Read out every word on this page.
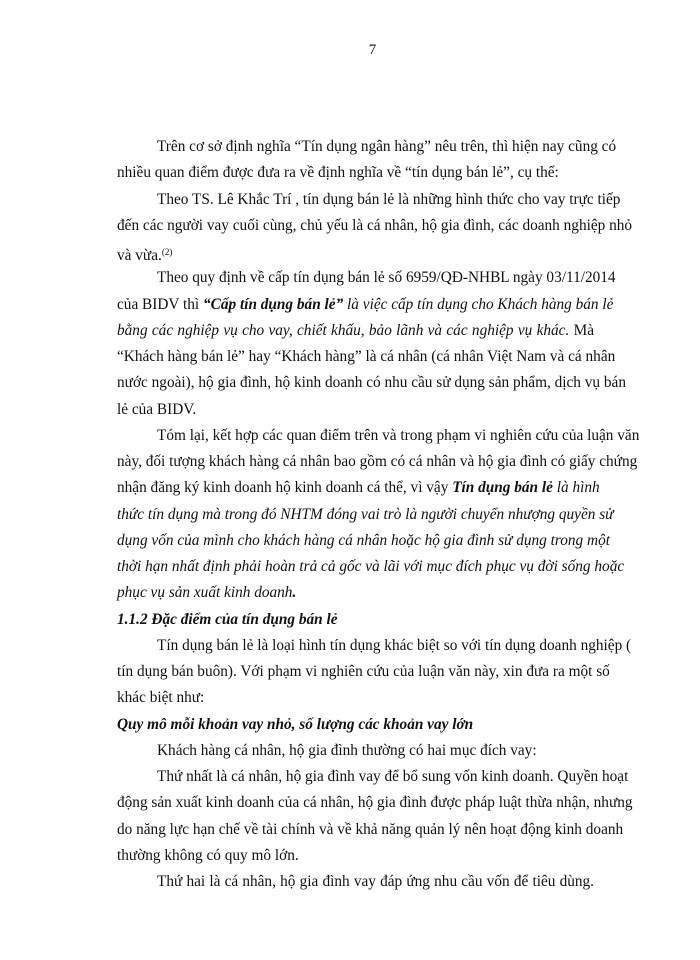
7
Trên cơ sở định nghĩa “Tín dụng ngân hàng” nêu trên, thì hiện nay cũng có
nhiều quan điểm được đưa ra về định nghĩa về “tín dụng bán lẻ”, cụ thể:
Theo TS. Lê Khắc Trí , tín dụng bán lẻ là những hình thức cho vay trực tiếp
đến các người vay cuối cùng, chủ yếu là cá nhân, hộ gia đình, các doanh nghiệp nhỏ
và vừa.$^{(2)}$
Theo quy định về cấp tín dụng bán lẻ số 6959/QĐ-NHBL ngày 03/11/2014
của BIDV thì “Cấp tín dụng bán lẻ” là việc cấp tín dụng cho Khách hàng bán lẻ
bằng các nghiệp vụ cho vay, chiết khấu, bảo lãnh và các nghiệp vụ khác. Mà
“Khách hàng bán lẻ” hay “Khách hàng” là cá nhân (cá nhân Việt Nam và cá nhân
nước ngoài), hộ gia đình, hộ kinh doanh có nhu cầu sử dụng sản phẩm, dịch vụ bán
lẻ của BIDV.
Tóm lại, kết hợp các quan điểm trên và trong phạm vi nghiên cứu của luận văn
này, đối tượng khách hàng cá nhân bao gồm có cá nhân và hộ gia đình có giấy chứng
nhận đăng ký kinh doanh hộ kinh doanh cá thể, vì vậy Tín dụng bán lẻ là hình
thức tín dụng mà trong đó NHTM đóng vai trò là người chuyển nhượng quyền sử
dụng vốn của mình cho khách hàng cá nhân hoặc hộ gia đình sử dụng trong một
thời hạn nhất định phải hoàn trả cả gốc và lãi với mục đích phục vụ đời sống hoặc
phục vụ sản xuất kinh doanh.
1.1.2 Đặc điểm của tín dụng bán lẻ
Tín dụng bán lẻ là loại hình tín dụng khác biệt so với tín dụng doanh nghiệp (
tín dụng bán buôn). Với phạm vi nghiên cứu của luận văn này, xin đưa ra một số
khác biệt như:
Quy mô mỗi khoản vay nhỏ, số lượng các khoản vay lớn
Khách hàng cá nhân, hộ gia đình thường có hai mục đích vay:
Thứ nhất là cá nhân, hộ gia đình vay để bổ sung vốn kinh doanh. Quyền hoạt
động sản xuất kinh doanh của cá nhân, hộ gia đình được pháp luật thừa nhận, nhưng
do năng lực hạn chế về tài chính và về khả năng quản lý nên hoạt động kinh doanh
thường không có quy mô lớn.
Thứ hai là cá nhân, hộ gia đình vay đáp ứng nhu cầu vốn để tiêu dùng.
